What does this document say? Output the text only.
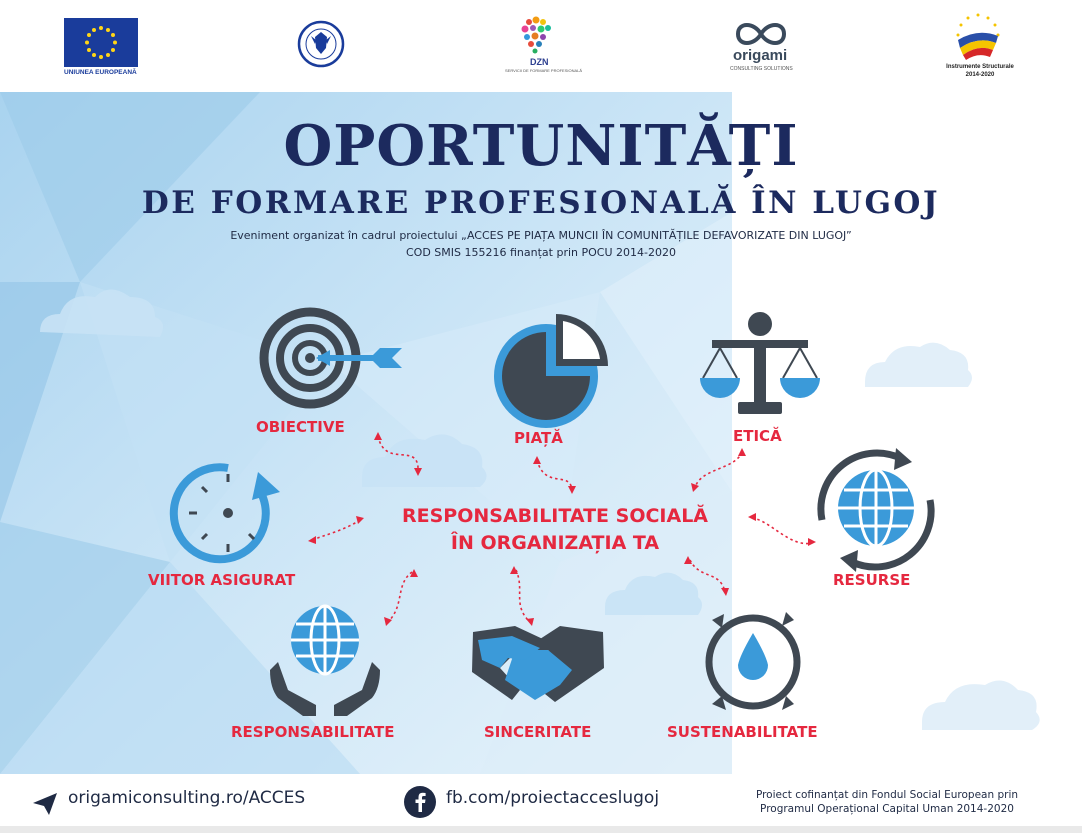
UNIUNEA EUROPEANĂ
DZN
SERVICII DE FORMARE PROFESIONALĂ
origami
CONSULTING SOLUTIONS	Instrumente Structurale
2014-2020
OPORTUNITĂȚI
DE FORMARE PROFESIONALĂ ÎN LUGOJ
Eveniment organizat în cadrul proiectului „ACCES PE PIAȚA MUNCII ÎN COMUNITĂȚILE DEFAVORIZATE DIN LUGOJ”
COD SMIS 155216 finanțat prin POCU 2014-2020
OBIECTIVE
PIAȚĂ	ETICĂ
VIITOR ASIGURAT	RESURSE
RESPONSABILITATE	SINCERITATE	SUSTENABILITATE
RESPONSABILITATE SOCIALĂ
ÎN ORGANIZAȚIA TA
origamiconsulting.ro/ACCES	fb.com/proiectacceslugoj	Proiect cofinanțat din Fondul Social European prin
Programul Operațional Capital Uman 2014-2020
